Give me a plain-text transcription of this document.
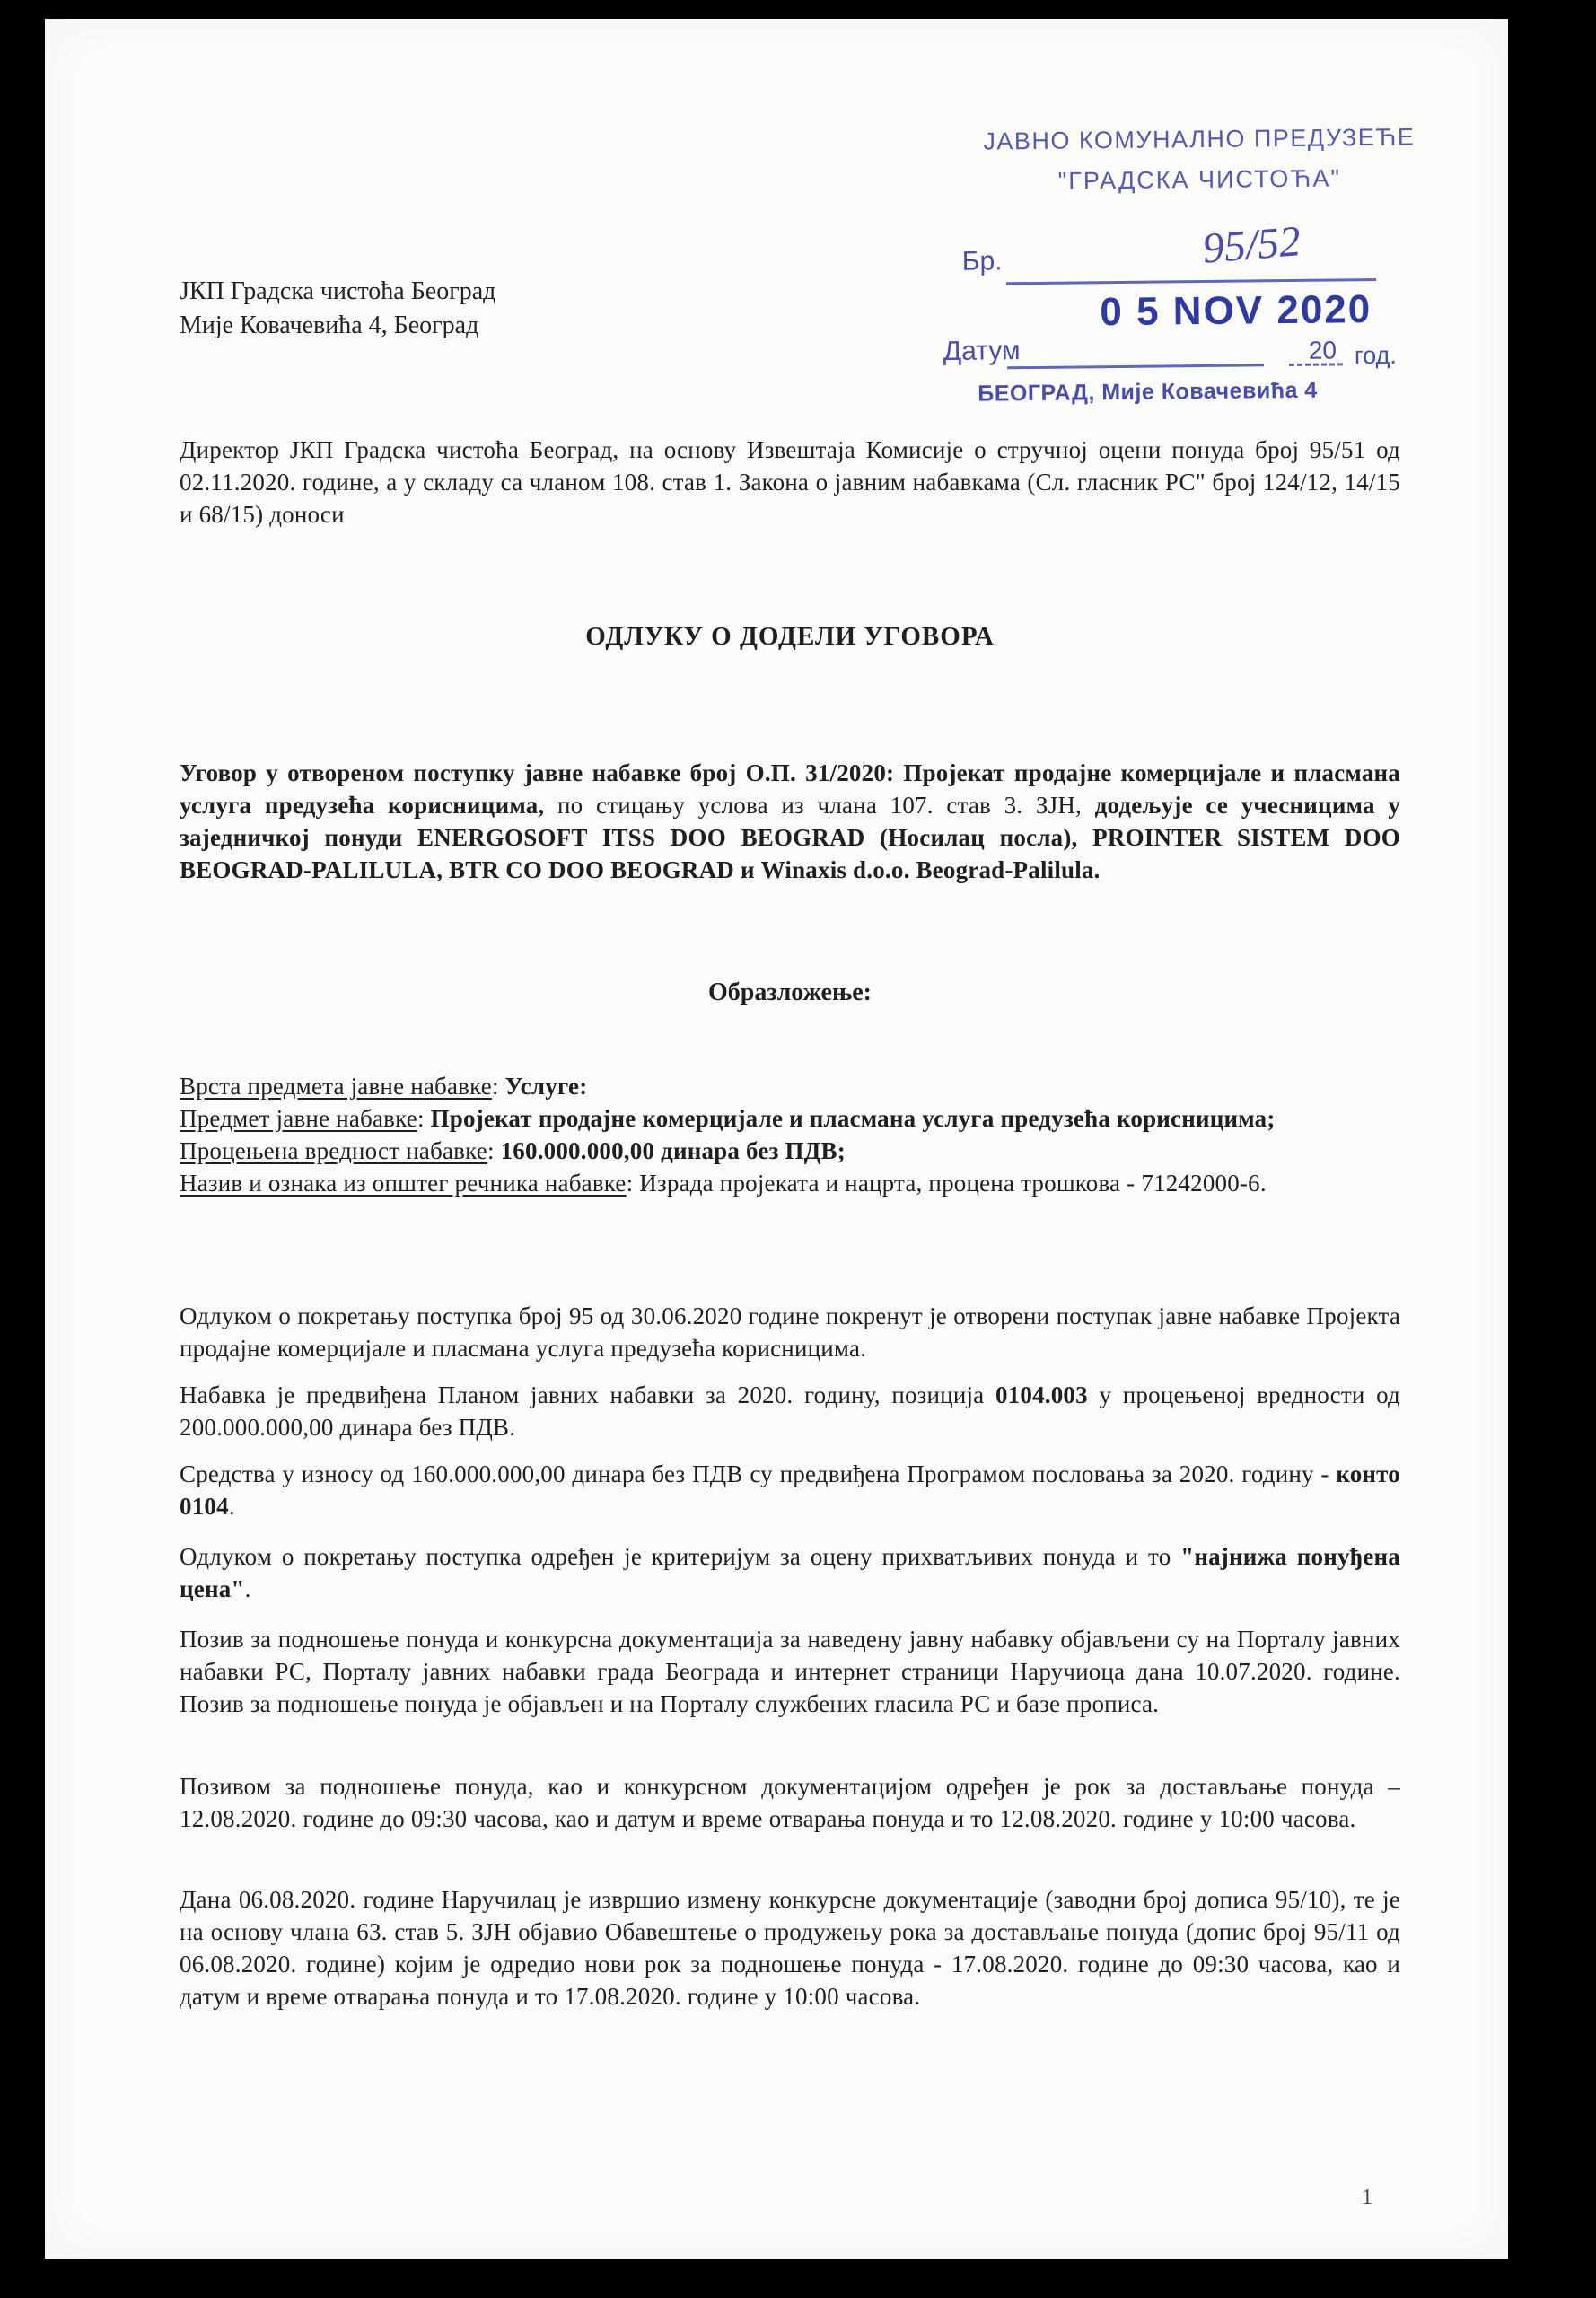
ЈАВНО КОМУНАЛНО ПРЕДУЗЕЋЕ
"ГРАДСКА ЧИСТОЋА"
Бр.	95/52
0 5 NOV 2020
Датум	20 год.
БЕОГРАД, Мије Ковачевића 4
ЈКП Градска чистоћа Београд
Мије Ковачевића 4, Београд
Директор ЈКП Градска чистоћа Београд, на основу Извештаја Комисије о стручној оцени понуда број 95/51 од 02.11.2020. године, а у складу са чланом 108. став 1. Закона о јавним набавкама (Сл. гласник РС" број 124/12, 14/15 и 68/15) доноси
ОДЛУКУ О ДОДЕЛИ УГОВОРА
Уговор у отвореном поступку јавне набавке број О.П. 31/2020: Пројекат продајне комерцијале и пласмана услуга предузећа корисницима, по стицању услова из члана 107. став 3. ЗЈН, додељује се учесницима у заједничкој понуди ENERGOSOFT ITSS DOO BEOGRAD (Носилац посла), PROINTER SISTEM DOO BEOGRAD-PALILULA, BTR CO DOO BEOGRAD и Winaxis d.o.o. Beograd-Palilula.
Образложење:

Врста предмета јавне набавке: Услуге:

Предмет јавне набавке: Пројекат продајне комерцијале и пласмана услуга предузећа корисницима;

Процењена вредност набавке: 160.000.000,00 динара без ПДВ;

Назив и ознака из општег речника набавке: Израда пројеката и нацрта, процена трошкова - 71242000-6.

Одлуком о покретању поступка број 95 од 30.06.2020 године покренут је отворени поступак јавне набавке Пројекта продајне комерцијале и пласмана услуга предузећа корисницима.
Набавка је предвиђена Планом јавних набавки за 2020. годину, позиција 0104.003 у процењеној вредности од 200.000.000,00 динара без ПДВ.
Средства у износу од 160.000.000,00 динара без ПДВ су предвиђена Програмом пословања за 2020. годину - конто 0104.
Одлуком о покретању поступка одређен је критеријум за оцену прихватљивих понуда и то "најнижа понуђена цена".
Позив за подношење понуда и конкурсна документација за наведену јавну набавку објављени су на Порталу јавних набавки РС, Порталу јавних набавки града Београда и интернет страници Наручиоца дана 10.07.2020. године. Позив за подношење понуда је објављен и на Порталу службених гласила РС и базе прописа.
Позивом за подношење понуда, као и конкурсном документацијом одређен је рок за достављање понуда – 12.08.2020. године до 09:30 часова, као и датум и време отварања понуда и то 12.08.2020. године у 10:00 часова.
Дана 06.08.2020. године Наручилац је извршио измену конкурсне документације (заводни број дописа 95/10), те је на основу члана 63. став 5. ЗЈН објавио Обавештење о продужењу рока за достављање понуда (допис број 95/11 од 06.08.2020. године) којим је одредио нови рок за подношење понуда - 17.08.2020. године до 09:30 часова, као и датум и време отварања понуда и то 17.08.2020. године у 10:00 часова.
1
